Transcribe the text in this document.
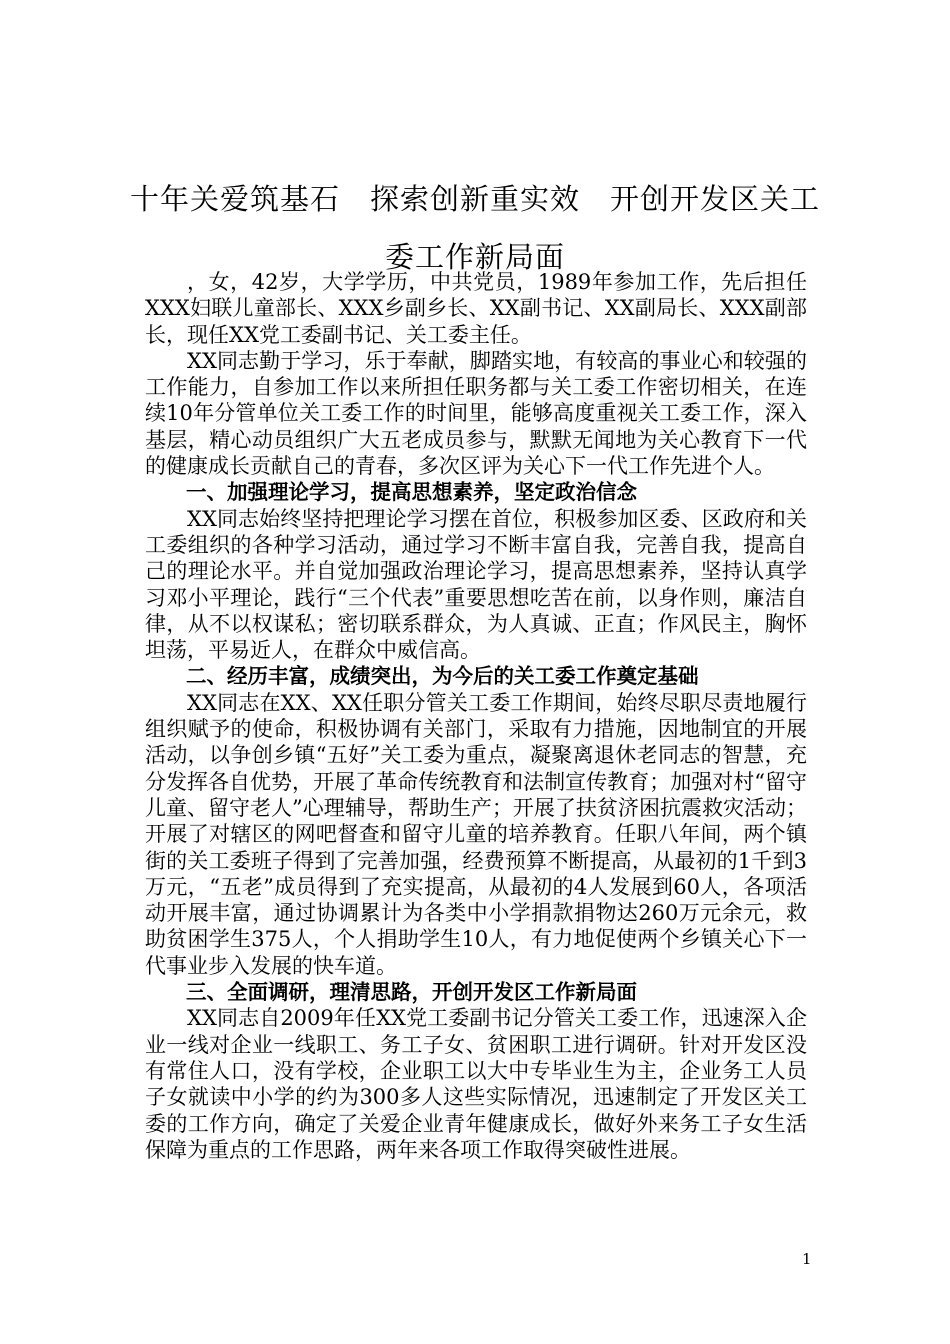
十年关爱筑基石　探索创新重实效　开创开发区关工
委工作新局面

，女，42岁，大学学历，中共党员，1989年参加工作，先后担任XXX妇联儿童部长、XXX乡副乡长、XX副书记、XX副局长、XXX副部长，现任XX党工委副书记、关工委主任。

XX同志勤于学习，乐于奉献，脚踏实地，有较高的事业心和较强的工作能力，自参加工作以来所担任职务都与关工委工作密切相关，在连续10年分管单位关工委工作的时间里，能够高度重视关工委工作，深入基层，精心动员组织广大五老成员参与，默默无闻地为关心教育下一代的健康成长贡献自己的青春，多次区评为关心下一代工作先进个人。

一、加强理论学习，提高思想素养，坚定政治信念

XX同志始终坚持把理论学习摆在首位，积极参加区委、区政府和关工委组织的各种学习活动，通过学习不断丰富自我，完善自我，提高自己的理论水平。并自觉加强政治理论学习，提高思想素养，坚持认真学习邓小平理论，践行“三个代表”重要思想吃苦在前，以身作则，廉洁自律，从不以权谋私；密切联系群众，为人真诚、正直；作风民主，胸怀坦荡，平易近人，在群众中威信高。

二、经历丰富，成绩突出，为今后的关工委工作奠定基础

XX同志在XX、XX任职分管关工委工作期间，始终尽职尽责地履行组织赋予的使命，积极协调有关部门，采取有力措施，因地制宜的开展活动，以争创乡镇“五好”关工委为重点，凝聚离退休老同志的智慧，充分发挥各自优势，开展了革命传统教育和法制宣传教育；加强对村“留守儿童、留守老人”心理辅导，帮助生产；开展了扶贫济困抗震救灾活动；开展了对辖区的网吧督查和留守儿童的培养教育。任职八年间，两个镇街的关工委班子得到了完善加强，经费预算不断提高，从最初的1千到3万元，“五老”成员得到了充实提高，从最初的4人发展到60人，各项活动开展丰富，通过协调累计为各类中小学捐款捐物达260万元余元，救助贫困学生375人，个人捐助学生10人，有力地促使两个乡镇关心下一代事业步入发展的快车道。

三、全面调研，理清思路，开创开发区工作新局面

XX同志自2009年任XX党工委副书记分管关工委工作，迅速深入企业一线对企业一线职工、务工子女、贫困职工进行调研。针对开发区没有常住人口，没有学校，企业职工以大中专毕业生为主，企业务工人员子女就读中小学的约为300多人这些实际情况，迅速制定了开发区关工委的工作方向，确定了关爱企业青年健康成长，做好外来务工子女生活保障为重点的工作思路，两年来各项工作取得突破性进展。

1
